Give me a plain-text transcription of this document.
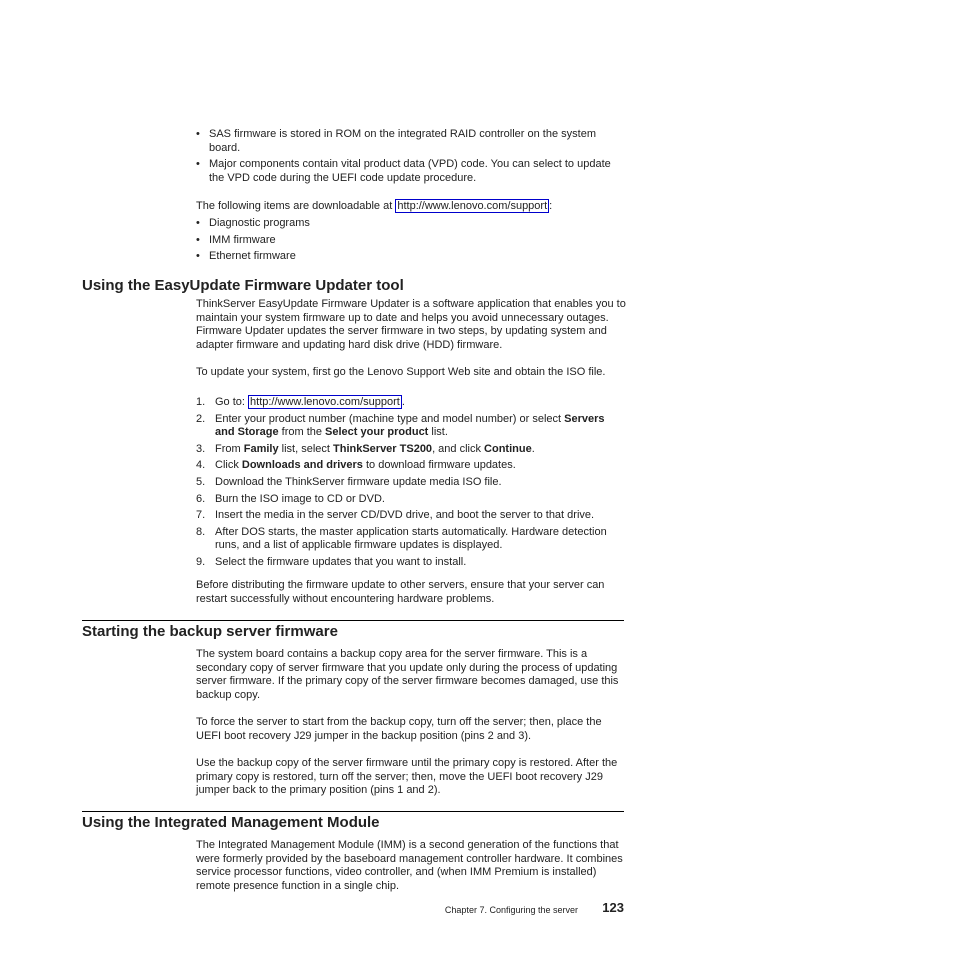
• SAS firmware is stored in ROM on the integrated RAID controller on the system board.
• Major components contain vital product data (VPD) code. You can select to update the VPD code during the UEFI code update procedure.

The following items are downloadable at http://www.lenovo.com/support :

• Diagnostic programs
• IMM firmware
• Ethernet firmware
Using the EasyUpdate Firmware Updater tool

ThinkServer EasyUpdate Firmware Updater is a software application that enables you to maintain your system firmware up to date and helps you avoid unnecessary outages. Firmware Updater updates the server firmware in two steps, by updating system and adapter firmware and updating hard disk drive (HDD) firmware.

To update your system, first go the Lenovo Support Web site and obtain the ISO file.

1. Go to: http://www.lenovo.com/support .
2. Enter your product number (machine type and model number) or select Servers and Storage from the Select your product list.
3. From Family list, select ThinkServer TS200, and click Continue.
4. Click Downloads and drivers to download firmware updates.
5. Download the ThinkServer firmware update media ISO file.
6. Burn the ISO image to CD or DVD.
7. Insert the media in the server CD/DVD drive, and boot the server to that drive.
8. After DOS starts, the master application starts automatically. Hardware detection runs, and a list of applicable firmware updates is displayed.
9. Select the firmware updates that you want to install.

Before distributing the firmware update to other servers, ensure that your server can restart successfully without encountering hardware problems.

Starting the backup server firmware

The system board contains a backup copy area for the server firmware. This is a secondary copy of server firmware that you update only during the process of updating server firmware. If the primary copy of the server firmware becomes damaged, use this backup copy.

To force the server to start from the backup copy, turn off the server; then, place the UEFI boot recovery J29 jumper in the backup position (pins 2 and 3).

Use the backup copy of the server firmware until the primary copy is restored. After the primary copy is restored, turn off the server; then, move the UEFI boot recovery J29 jumper back to the primary position (pins 1 and 2).

Using the Integrated Management Module

The Integrated Management Module (IMM) is a second generation of the functions that were formerly provided by the baseboard management controller hardware. It combines service processor functions, video controller, and (when IMM Premium is installed) remote presence function in a single chip.

Chapter 7. Configuring the server 123
